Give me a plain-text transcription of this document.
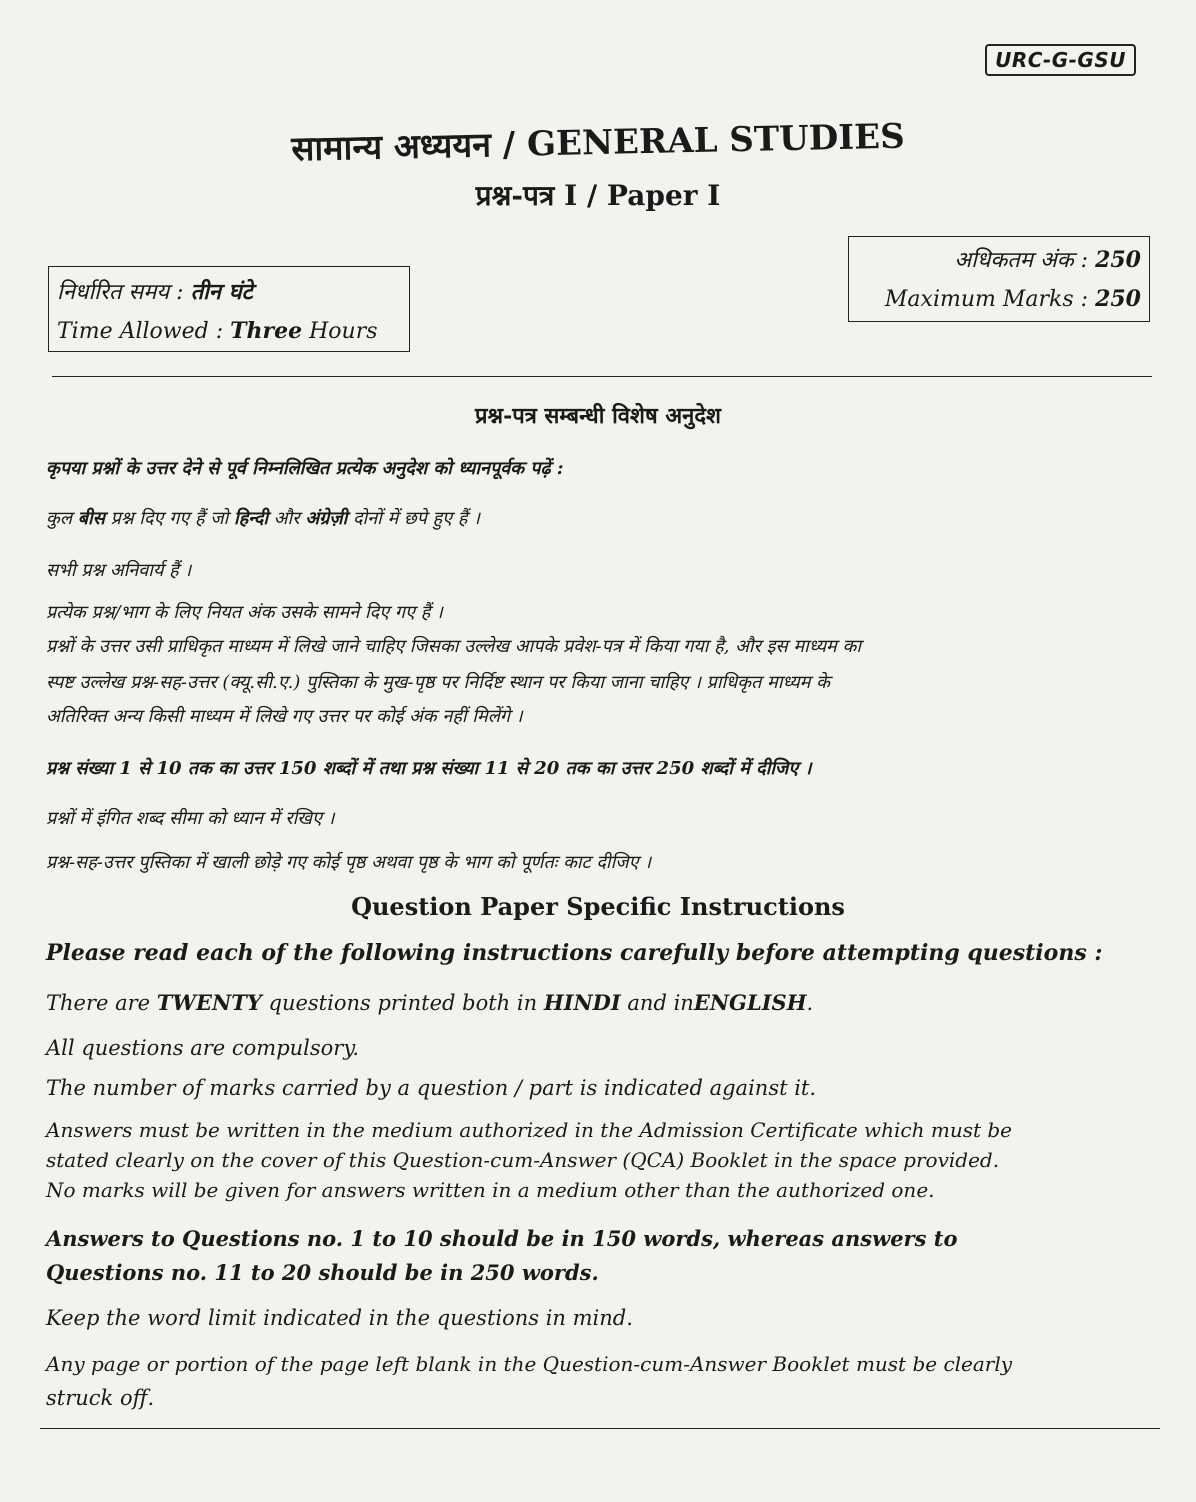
URC-G-GSU
सामान्य अध्ययन / GENERAL STUDIES
प्रश्न-पत्र I / Paper I
निर्धारित समय : तीन घंटे
Time Allowed : Three Hours
अधिकतम अंक : 250
Maximum Marks : 250
प्रश्न-पत्र सम्बन्धी विशेष अनुदेश
कृपया प्रश्नों के उत्तर देने से पूर्व निम्नलिखित प्रत्येक अनुदेश को ध्यानपूर्वक पढ़ें :
कुल बीस प्रश्न दिए गए हैं जो हिन्दी और अंग्रेज़ी दोनों में छपे हुए हैं ।
सभी प्रश्न अनिवार्य हैं ।
प्रत्येक प्रश्न/भाग के लिए नियत अंक उसके सामने दिए गए हैं ।
प्रश्नों के उत्तर उसी प्राधिकृत माध्यम में लिखे जाने चाहिए जिसका उल्लेख आपके प्रवेश-पत्र में किया गया है, और इस माध्यम का
स्पष्ट उल्लेख प्रश्न-सह-उत्तर (क्यू.सी.ए.) पुस्तिका के मुख-पृष्ठ पर निर्दिष्ट स्थान पर किया जाना चाहिए । प्राधिकृत माध्यम के
अतिरिक्त अन्य किसी माध्यम में लिखे गए उत्तर पर कोई अंक नहीं मिलेंगे ।
प्रश्न संख्या 1 से 10 तक का उत्तर 150 शब्दों में तथा प्रश्न संख्या 11 से 20 तक का उत्तर 250 शब्दों में दीजिए ।
प्रश्नों में इंगित शब्द सीमा को ध्यान में रखिए ।
प्रश्न-सह-उत्तर पुस्तिका में खाली छोड़े गए कोई पृष्ठ अथवा पृष्ठ के भाग को पूर्णतः काट दीजिए ।
Question Paper Specific Instructions
Please read each of the following instructions carefully before attempting questions :
There are TWENTY questions printed both in HINDI and inENGLISH.
All questions are compulsory.
The number of marks carried by a question / part is indicated against it.
Answers must be written in the medium authorized in the Admission Certificate which must be
stated clearly on the cover of this Question-cum-Answer (QCA) Booklet in the space provided.
No marks will be given for answers written in a medium other than the authorized one.
Answers to Questions no. 1 to 10 should be in 150 words, whereas answers to
Questions no. 11 to 20 should be in 250 words.
Keep the word limit indicated in the questions in mind.
Any page or portion of the page left blank in the Question-cum-Answer Booklet must be clearly
struck off.
